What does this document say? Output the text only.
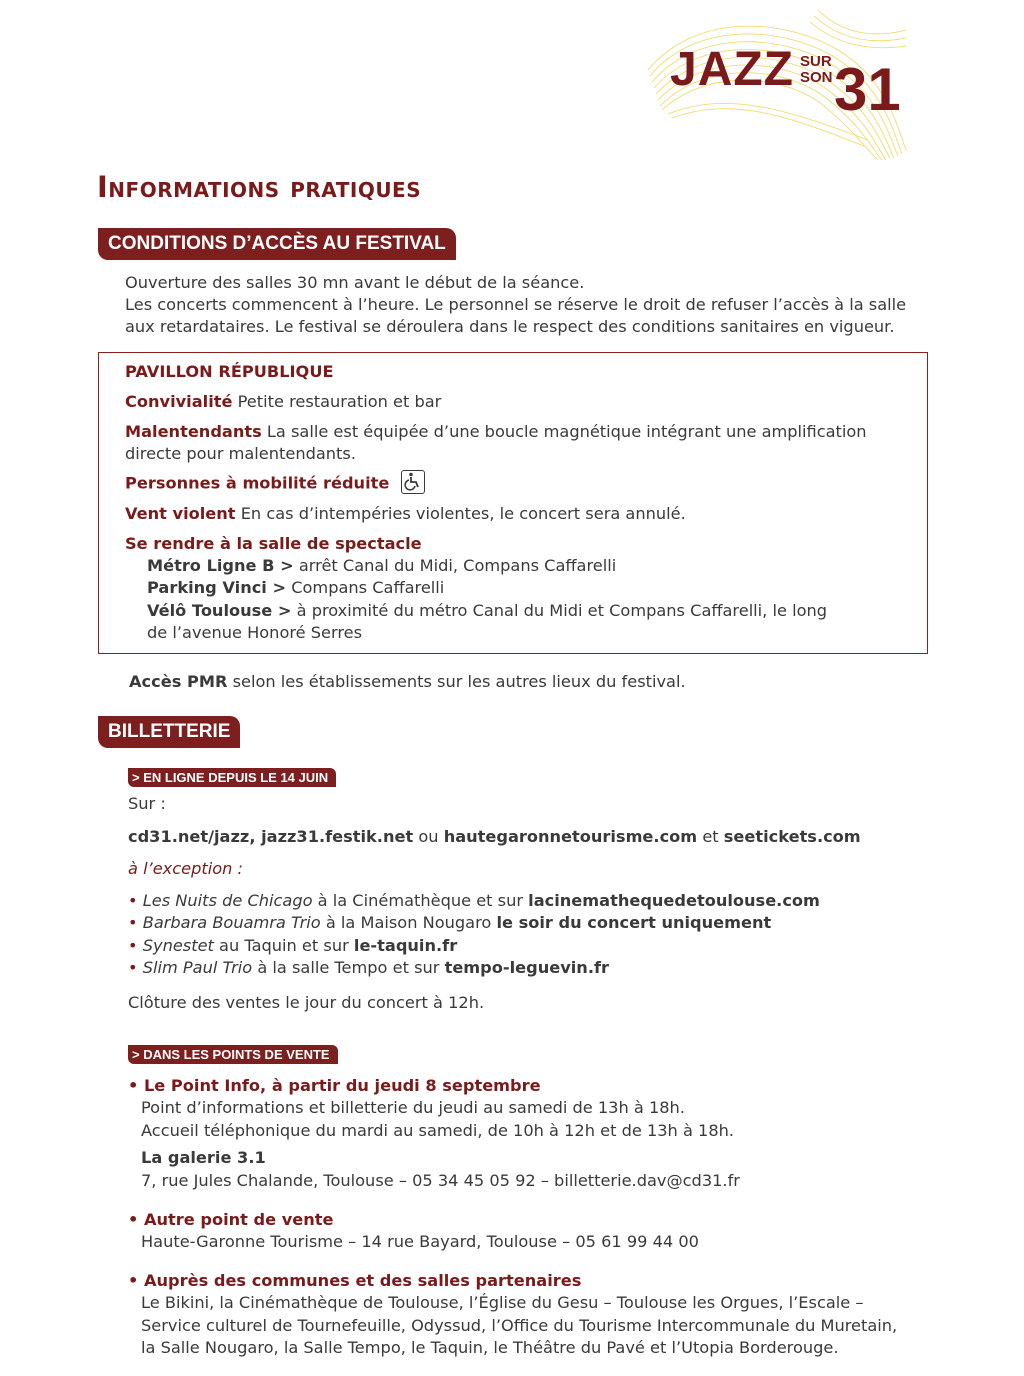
JAZZ SUR
SON 31
Informations pratiques
CONDITIONS D’ACCÈS AU FESTIVAL
Ouverture des salles 30 mn avant le début de la séance.
Les concerts commencent à l’heure. Le personnel se réserve le droit de refuser l’accès à la salle
aux retardataires. Le festival se déroulera dans le respect des conditions sanitaires en vigueur.
PAVILLON RÉPUBLIQUE
Convivialité Petite restauration et bar
Malentendants La salle est équipée d’une boucle magnétique intégrant une amplification
directe pour malentendants.
Personnes à mobilité réduite
Vent violent En cas d’intempéries violentes, le concert sera annulé.
Se rendre à la salle de spectacle
Métro Ligne B > arrêt Canal du Midi, Compans Caffarelli
Parking Vinci > Compans Caffarelli
Vélô Toulouse > à proximité du métro Canal du Midi et Compans Caffarelli, le long
de l’avenue Honoré Serres
Accès PMR selon les établissements sur les autres lieux du festival.
BILLETTERIE
> EN LIGNE DEPUIS LE 14 JUIN
Sur :
cd31.net/jazz, jazz31.festik.net ou hautegaronnetourisme.com et seetickets.com
à l’exception :
• Les Nuits de Chicago à la Cinémathèque et sur lacinemathequedetoulouse.com
• Barbara Bouamra Trio à la Maison Nougaro le soir du concert uniquement
• Synestet au Taquin et sur le-taquin.fr
• Slim Paul Trio à la salle Tempo et sur tempo-leguevin.fr
Clôture des ventes le jour du concert à 12h.
> DANS LES POINTS DE VENTE
• Le Point Info, à partir du jeudi 8 septembre
Point d’informations et billetterie du jeudi au samedi de 13h à 18h.
Accueil téléphonique du mardi au samedi, de 10h à 12h et de 13h à 18h.
La galerie 3.1
7, rue Jules Chalande, Toulouse – 05 34 45 05 92 – billetterie.dav@cd31.fr
• Autre point de vente
Haute-Garonne Tourisme – 14 rue Bayard, Toulouse – 05 61 99 44 00
• Auprès des communes et des salles partenaires
Le Bikini, la Cinémathèque de Toulouse, l’Église du Gesu – Toulouse les Orgues, l’Escale –
Service culturel de Tournefeuille, Odyssud, l’Office du Tourisme Intercommunale du Muretain,
la Salle Nougaro, la Salle Tempo, le Taquin, le Théâtre du Pavé et l’Utopia Borderouge.
